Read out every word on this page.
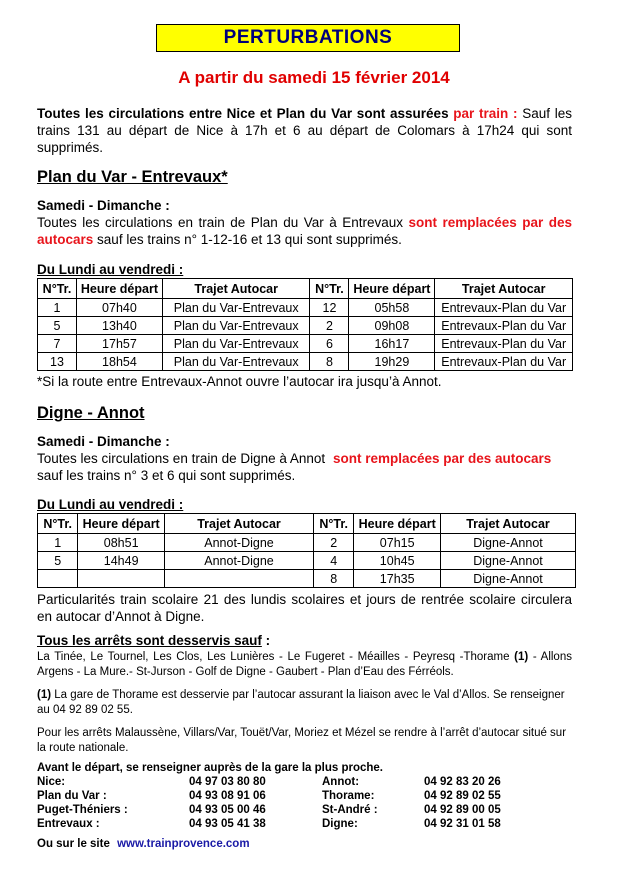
PERTURBATIONS
A partir du samedi 15 février 2014
Toutes les circulations entre Nice et Plan du Var sont assurées par train : Sauf les trains 131 au départ de Nice à 17h et 6 au départ de Colomars à 17h24 qui sont supprimés.
Plan du Var - Entrevaux*
Samedi - Dimanche :
Toutes les circulations en train de Plan du Var à Entrevaux sont remplacées par des autocars sauf les trains n° 1-12-16 et 13 qui sont supprimés.
Du Lundi au vendredi :
N°Tr.	Heure départ	Trajet Autocar	N°Tr.	Heure départ	Trajet Autocar
1	07h40	Plan du Var-Entrevaux	12	05h58	Entrevaux-Plan du Var
5	13h40	Plan du Var-Entrevaux	2	09h08	Entrevaux-Plan du Var
7	17h57	Plan du Var-Entrevaux	6	16h17	Entrevaux-Plan du Var
13	18h54	Plan du Var-Entrevaux	8	19h29	Entrevaux-Plan du Var
*Si la route entre Entrevaux-Annot ouvre l’autocar ira jusqu’à Annot.
Digne - Annot
Samedi - Dimanche :
Toutes les circulations en train de Digne à Annot sont remplacées par des autocars sauf les trains n° 3 et 6 qui sont supprimés.
Du Lundi au vendredi :
N°Tr.	Heure départ	Trajet Autocar	N°Tr.	Heure départ	Trajet Autocar
1	08h51	Annot-Digne	2	07h15	Digne-Annot
5	14h49	Annot-Digne	4	10h45	Digne-Annot
			8	17h35	Digne-Annot
Particularités train scolaire 21 des lundis scolaires et jours de rentrée scolaire circulera en autocar d’Annot à Digne.
Tous les arrêts sont desservis sauf :
La Tinée, Le Tournel, Les Clos, Les Lunières - Le Fugeret - Méailles - Peyresq -Thorame (1) - Allons Argens - La Mure.- St-Jurson - Golf de Digne - Gaubert - Plan d’Eau des Férréols.
(1) La gare de Thorame est desservie par l’autocar assurant la liaison avec le Val d’Allos. Se renseigner au 04 92 89 02 55.
Pour les arrêts Malaussène, Villars/Var, Touët/Var, Moriez et Mézel se rendre à l’arrêt d’autocar situé sur la route nationale.
Avant le départ, se renseigner auprès de la gare la plus proche.
Nice:	04 97 03 80 80	Annot:	04 92 83 20 26
Plan du Var :	04 93 08 91 06	Thorame:	04 92 89 02 55
Puget-Théniers :	04 93 05 00 46	St-André :	04 92 89 00 05
Entrevaux :	04 93 05 41 38	Digne:	04 92 31 01 58
Ou sur le site www.trainprovence.com
